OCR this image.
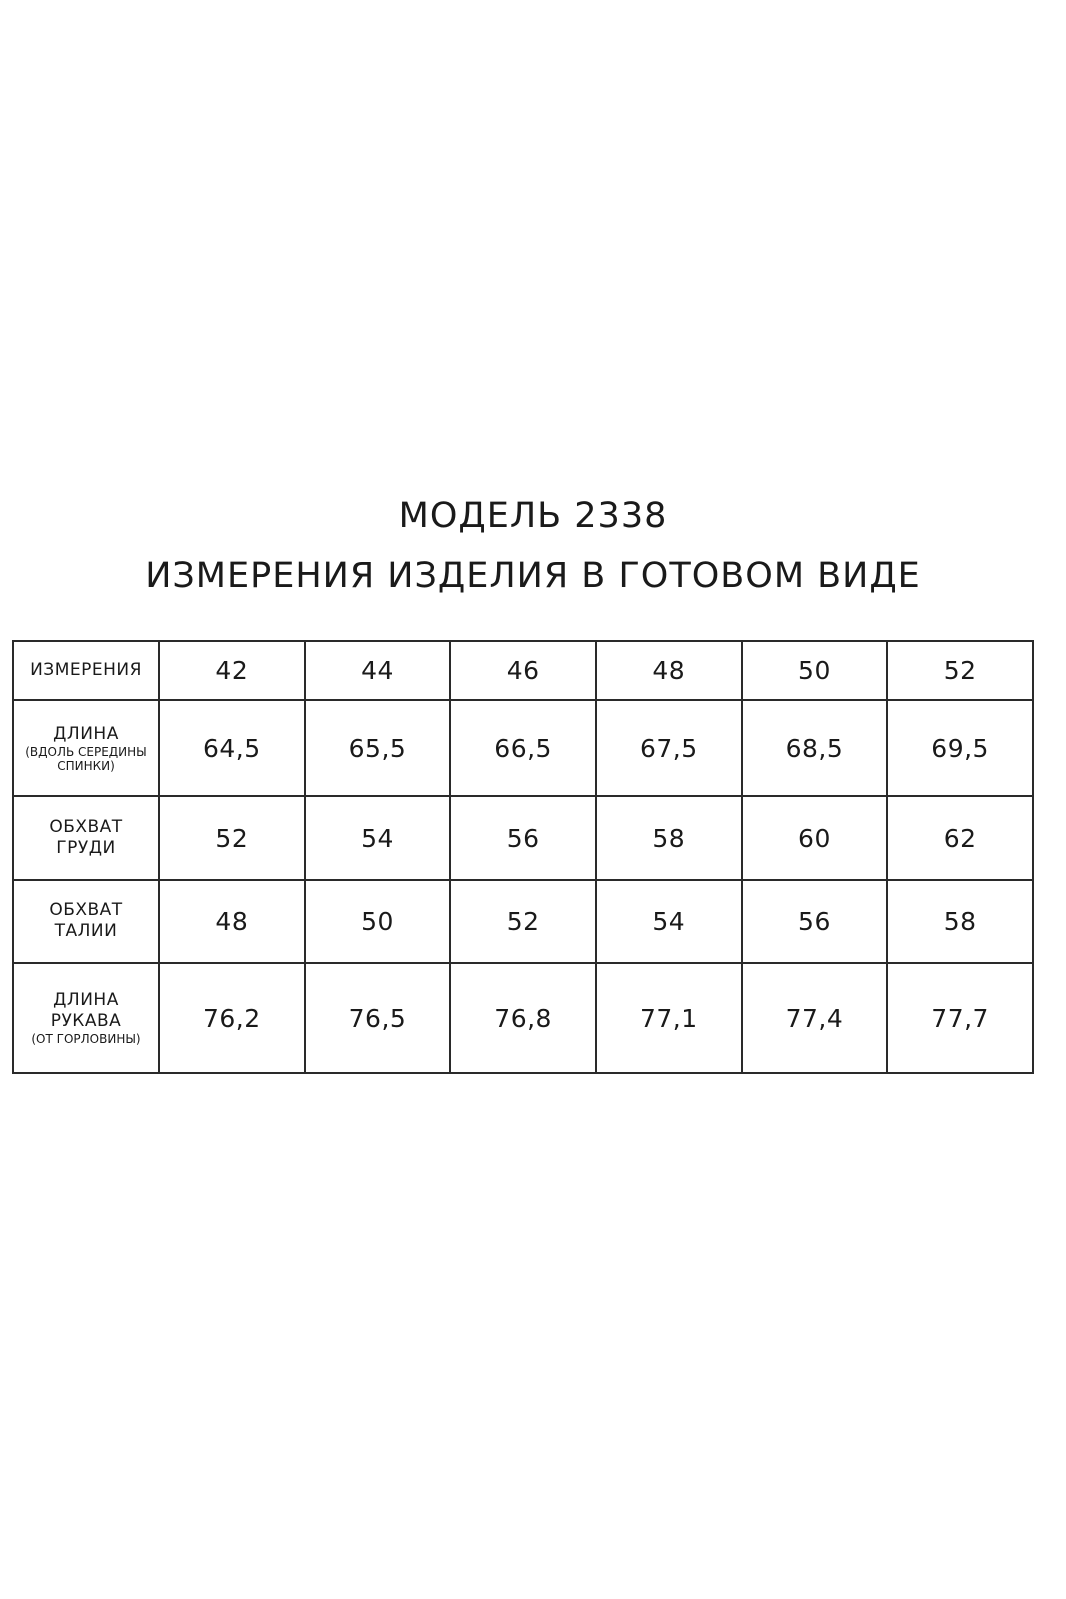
МОДЕЛЬ 2338
ИЗМЕРЕНИЯ ИЗДЕЛИЯ В ГОТОВОМ ВИДЕ
ИЗМЕРЕНИЯ	42	44	46	48	50	52

ДЛИНА
(ВДОЛЬ СЕРЕДИНЫ
СПИНКИ)	64,5	65,5	66,5	67,5	68,5	69,5

ОБХВАТ
ГРУДИ	52	54	56	58	60	62

ОБХВАТ
ТАЛИИ	48	50	52	54	56	58

ДЛИНА
РУКАВА
(ОТ ГОРЛОВИНЫ)	76,2	76,5	76,8	77,1	77,4	77,7
